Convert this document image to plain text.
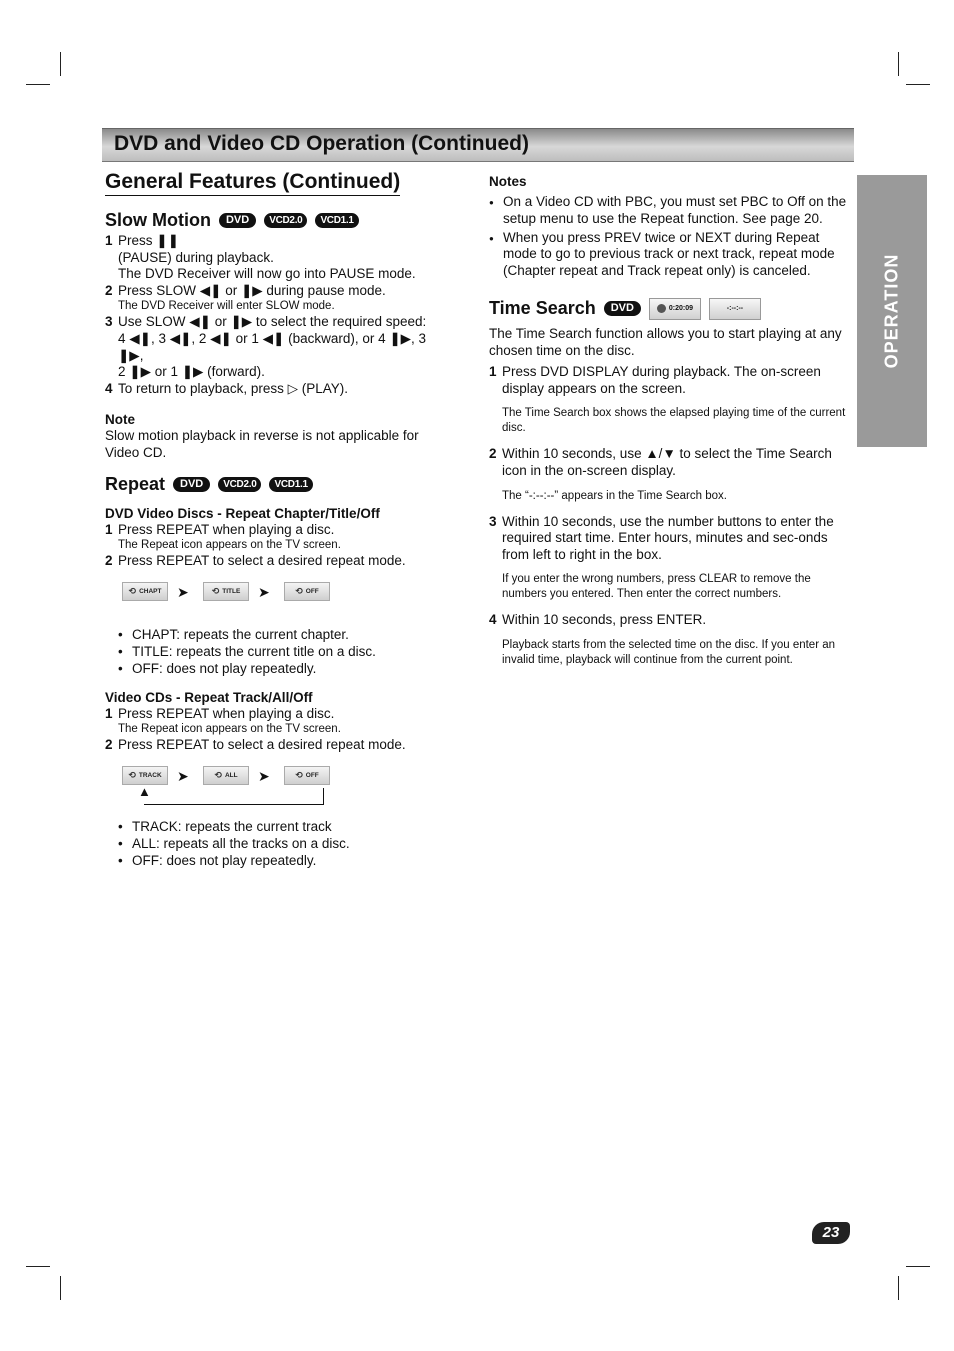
DVD and Video CD Operation (Continued)
OPERATION
General Features (Continued)
Slow Motion	DVD	VCD2.0	VCD1.1
1 Press ❚❚
(PAUSE) during playback.
The DVD Receiver will now go into PAUSE mode.
2 Press SLOW ◀❚ or ❚▶ during pause mode.
The DVD Receiver will enter SLOW mode.
3 Use SLOW ◀❚ or ❚▶ to select the required speed:
4 ◀❚, 3 ◀❚, 2 ◀❚ or 1 ◀❚ (backward), or 4 ❚▶, 3 ❚▶,
2 ❚▶ or 1 ❚▶ (forward).
4 To return to playback, press ▷ (PLAY).
Note

Slow motion playback in reverse is not applicable for Video CD.

Repeat	DVD	VCD2.0	VCD1.1
DVD Video Discs - Repeat Chapter/Title/Off
1 Press REPEAT when playing a disc.
The Repeat icon appears on the TV screen.
2 Press REPEAT to select a desired repeat mode.
⟲ CHAPT ➤	⟲ TITLE ➤	⟲ OFF
• CHAPT: repeats the current chapter.
• TITLE: repeats the current title on a disc.
• OFF: does not play repeatedly.
Video CDs - Repeat Track/All/Off
1 Press REPEAT when playing a disc.
The Repeat icon appears on the TV screen.
2 Press REPEAT to select a desired repeat mode.
⟲ TRACK ➤	⟲ ALL ➤	⟲ OFF
▲
• TRACK: repeats the current track
• ALL: repeats all the tracks on a disc.
• OFF: does not play repeatedly.
Notes
● On a Video CD with PBC, you must set PBC to Off on the setup menu to use the Repeat function. See page 20.
● When you press PREV twice or NEXT during Repeat mode to go to previous track or next track, repeat mode (Chapter repeat and Track repeat only) is canceled.
Time Search	DVD	0:20:09	-:--:--

The Time Search function allows you to start playing at any chosen time on the disc.

1 Press DVD DISPLAY during playback. The on-screen display appears on the screen.
The Time Search box shows the elapsed playing time of the current disc.
2 Within 10 seconds, use ▲/▼ to select the Time Search icon in the on-screen display.
The “-:--:--” appears in the Time Search box.
3 Within 10 seconds, use the number buttons to enter the required start time. Enter hours, minutes and sec-onds from left to right in the box.
If you enter the wrong numbers, press CLEAR to remove the numbers you entered. Then enter the correct numbers.
4 Within 10 seconds, press ENTER.
Playback starts from the selected time on the disc. If you enter an invalid time, playback will continue from the current point.
23
